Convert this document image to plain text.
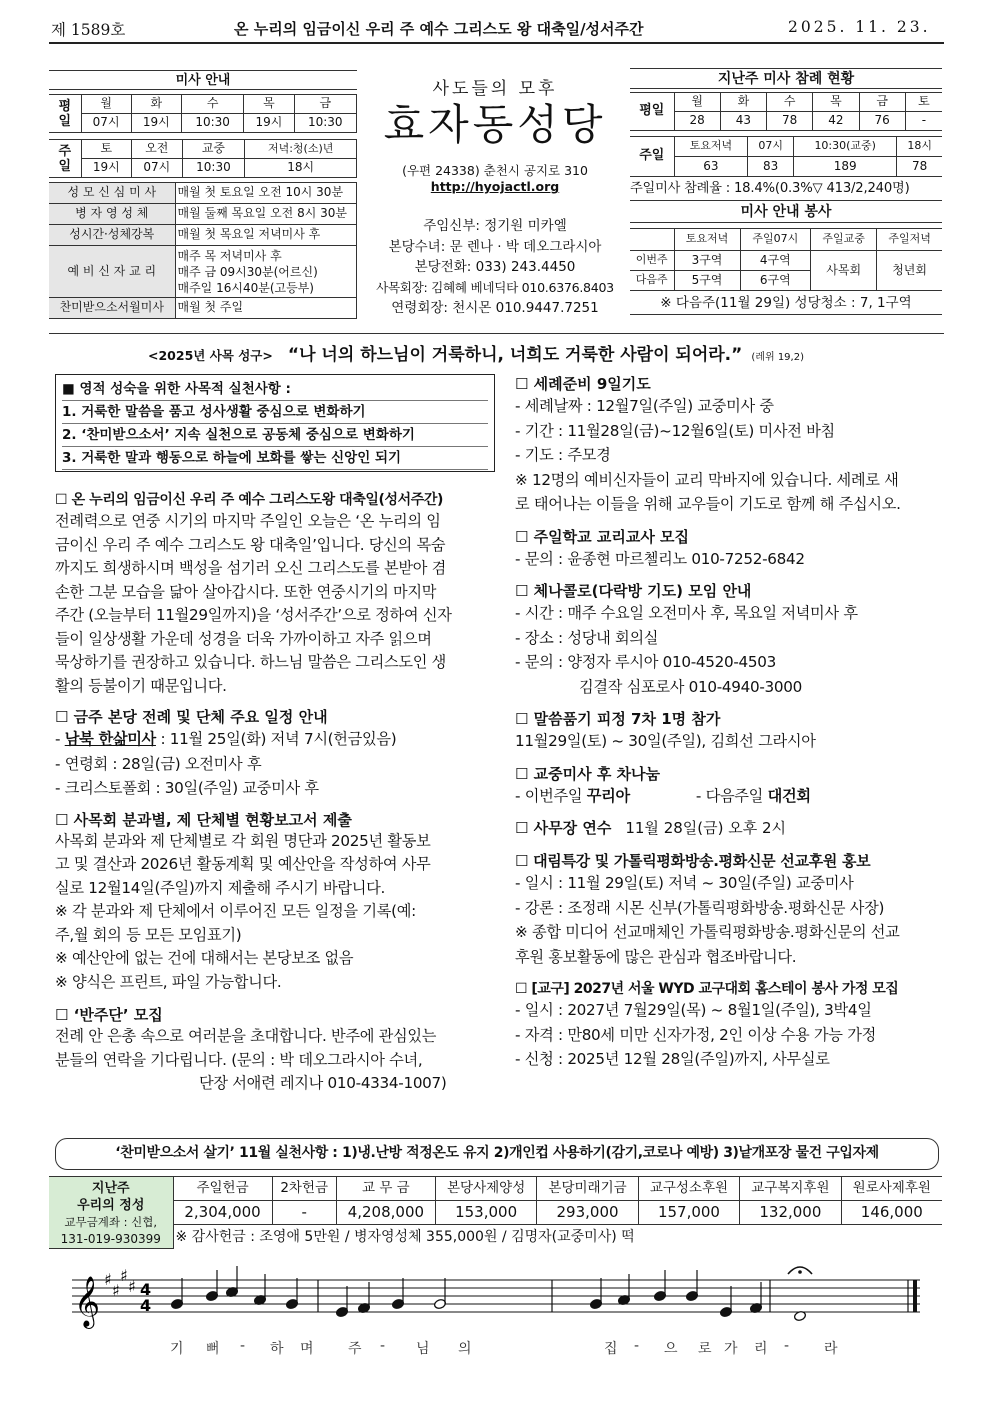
제 1589호	온 누리의 임금이신 우리 주 예수 그리스도 왕 대축일/성서주간	2025. 11. 23.
미사 안내
평
일	월	화	수	목	금
	07시	19시	10:30	19시	10:30
주
일	토	오전	교중	저녁:청(소)년
	19시	07시	10:30	18시
성 모 신 심 미 사	매월 첫 토요일 오전 10시 30분
병 자 영 성 체	매월 둘째 목요일 오전 8시 30분
성시간·성체강복	매월 첫 목요일 저녁미사 후
예 비 신 자 교 리	매주 목 저녁미사 후
매주 금 09시30분(어르신)
매주일 16시40분(고등부)

찬미받으소서월미사	매월 첫 주일
사도들의 모후
효자동성당
(우편 24338) 춘천시 공지로 310
http://hyojactl.org
주임신부: 정기원 미카엘
본당수녀: 문 렌나 · 박 데오그라시아
본당전화: 033) 243.4450
사목회장: 김혜혜 베네딕타 010.6376.8403
연령회장: 천시몬 010.9447.7251
지난주 미사 참례 현황
평일	월	화	수	목	금	토
	28	43	78	42	76	-
주일	토요저녁	07시	10:30(교중)	18시
	63	83	189	78
주일미사 참례율 : 18.4%(0.3%▽ 413/2,240명)
미사 안내 봉사
	토요저녁	주일07시	주일교중	주일저녁
이번주	3구역	4구역	사목회	청년회
다음주	5구역	6구역		
※ 다음주(11월 29일) 성당청소 : 7, 1구역
<2025년 사목 성구> “나 너의 하느님이 거룩하니, 너희도 거룩한 사람이 되어라.” (레위 19,2)
■ 영적 성숙을 위한 사목적 실천사항 :
1. 거룩한 말씀을 품고 성사생활 중심으로 변화하기
2. ‘찬미받으소서’ 지속 실천으로 공동체 중심으로 변화하기
3. 거룩한 말과 행동으로 하늘에 보화를 쌓는 신앙인 되기
☐ 온 누리의 임금이신 우리 주 예수 그리스도왕 대축일(성서주간)
전례력으로 연중 시기의 마지막 주일인 오늘은 ‘온 누리의 임
금이신 우리 주 예수 그리스도 왕 대축일’입니다. 당신의 목숨
까지도 희생하시며 백성을 섬기러 오신 그리스도를 본받아 겸
손한 그분 모습을 닮아 살아갑시다. 또한 연중시기의 마지막
주간 (오늘부터 11월29일까지)을 ‘성서주간’으로 정하여 신자
들이 일상생활 가운데 성경을 더욱 가까이하고 자주 읽으며
묵상하기를 권장하고 있습니다. 하느님 말씀은 그리스도인 생
활의 등불이기 때문입니다.
☐ 금주 본당 전례 및 단체 주요 일정 안내
- 남북 한삶미사 : 11월 25일(화) 저녁 7시(헌금있음)
- 연령회 : 28일(금) 오전미사 후
- 크리스토폴회 : 30일(주일) 교중미사 후
☐ 사목회 분과별, 제 단체별 현황보고서 제출
사목회 분과와 제 단체별로 각 회원 명단과 2025년 활동보
고 및 결산과 2026년 활동계획 및 예산안을 작성하여 사무
실로 12월14일(주일)까지 제출해 주시기 바랍니다.
※ 각 분과와 제 단체에서 이루어진 모든 일정을 기록(예:
주,월 회의 등 모든 모임표기)
※ 예산안에 없는 건에 대해서는 본당보조 없음
※ 양식은 프린트, 파일 가능합니다.
☐ ‘반주단’ 모집
전례 안 은총 속으로 여러분을 초대합니다. 반주에 관심있는
분들의 연락을 기다립니다. (문의 : 박 데오그라시아 수녀,
단장 서애련 레지나 010-4334-1007)
☐ 세례준비 9일기도
- 세례날짜 : 12월7일(주일) 교중미사 중
- 기간 : 11월28일(금)~12월6일(토) 미사전 바침
- 기도 : 주모경
※ 12명의 예비신자들이 교리 막바지에 있습니다. 세례로 새
로 태어나는 이들을 위해 교우들이 기도로 함께 해 주십시오.
☐ 주일학교 교리교사 모집
- 문의 : 윤종현 마르첼리노 010-7252-6842
☐ 체나콜로(다락방 기도) 모임 안내
- 시간 : 매주 수요일 오전미사 후, 목요일 저녁미사 후
- 장소 : 성당내 회의실
- 문의 : 양정자 루시아 010-4520-4503
김결작 심포로사 010-4940-3000
☐ 말씀품기 피정 7차 1명 참가
11월29일(토) ~ 30일(주일), 김희선 그라시아
☐ 교중미사 후 차나눔
- 이번주일 꾸리아	- 다음주일 대건회
☐ 사무장 연수 11월 28일(금) 오후 2시
☐ 대림특강 및 가톨릭평화방송.평화신문 선교후원 홍보
- 일시 : 11월 29일(토) 저녁 ~ 30일(주일) 교중미사
- 강론 : 조정래 시몬 신부(가톨릭평화방송.평화신문 사장)
※ 종합 미디어 선교매체인 가톨릭평화방송.평화신문의 선교
후원 홍보활동에 많은 관심과 협조바랍니다.
☐ [교구] 2027년 서울 WYD 교구대회 홈스테이 봉사 가정 모집
- 일시 : 2027년 7월29일(목) ~ 8월1일(주일), 3박4일
- 자격 : 만80세 미만 신자가정, 2인 이상 수용 가능 가정
- 신청 : 2025년 12월 28일(주일)까지, 사무실로
‘찬미받으소서 살기’ 11월 실천사항 : 1)냉.난방 적정온도 유지 2)개인컵 사용하기(감기,코로나 예방) 3)낱개포장 물건 구입자제
지난주
우리의 정성
교무금계좌 : 신협,
131-019-930399	주일헌금	2차헌금	교 무 금	본당사제양성	본당미래기금	교구성소후원	교구복지후원	원로사제후원
	2,304,000	-	4,208,000	153,000	293,000	157,000	132,000	146,000
	※ 감사헌금 : 조영애 5만원 / 병자영성체 355,000원 / 김명자(교중미사) 떡							
𝄞 ♯
♯
♯
♯ 4
4
기 뻐 - 하 며 주 - 님 의	집 - 으 로 가 리 - 라
